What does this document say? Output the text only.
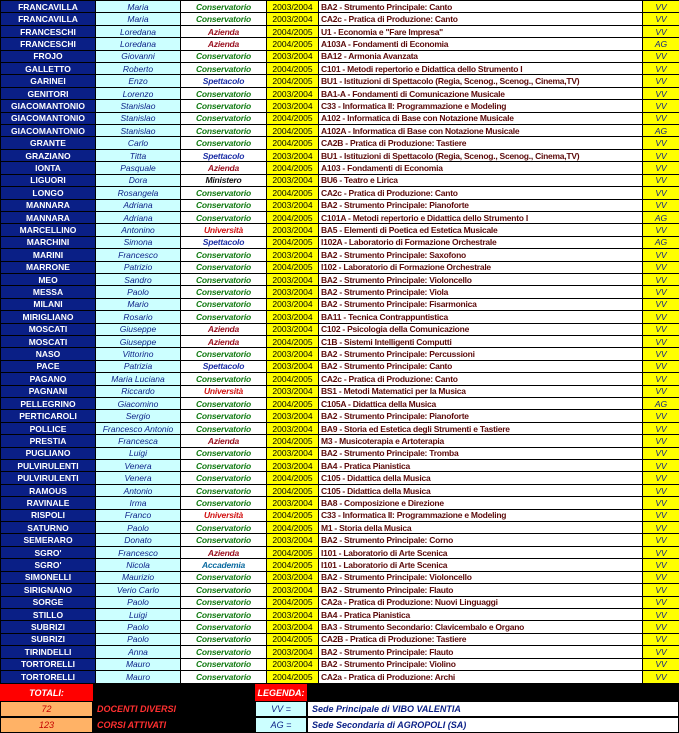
FRANCAVILLA	Maria	Conservatorio	2003/2004	BA2 - Strumento Principale: Canto	VV
FRANCAVILLA	Maria	Conservatorio	2003/2004	CA2c - Pratica di Produzione: Canto	VV
FRANCESCHI	Loredana	Azienda	2004/2005	U1 - Economia e "Fare Impresa"	VV
FRANCESCHI	Loredana	Azienda	2004/2005	A103A - Fondamenti di Economia	AG
FROJO	Giovanni	Conservatorio	2003/2004	BA12 - Armonia Avanzata	VV
GALLETTO	Roberto	Conservatorio	2004/2005	C101 - Metodi repertorio e Didattica dello Strumento I	VV
GARINEI	Enzo	Spettacolo	2004/2005	BU1 - Istituzioni di Spettacolo (Regia, Scenog., Scenog., Cinema,TV)	VV
GENITORI	Lorenzo	Conservatorio	2003/2004	BA1-A - Fondamenti di Comunicazione Musicale	VV
GIACOMANTONIO	Stanislao	Conservatorio	2003/2004	C33 - Informatica II: Programmazione e Modeling	VV
GIACOMANTONIO	Stanislao	Conservatorio	2004/2005	A102 - Informatica di Base con Notazione Musicale	VV
GIACOMANTONIO	Stanislao	Conservatorio	2004/2005	A102A - Informatica di Base con Notazione Musicale	AG
GRANTE	Carlo	Conservatorio	2004/2005	CA2B - Pratica di Produzione: Tastiere	VV
GRAZIANO	Titta	Spettacolo	2003/2004	BU1 - Istituzioni di Spettacolo (Regia, Scenog., Scenog., Cinema,TV)	VV
IONTA	Pasquale	Azienda	2004/2005	A103 - Fondamenti di Economia	VV
LIGUORI	Dora	Ministero	2003/2004	BU6 - Teatro e Lirica	VV
LONGO	Rosangela	Conservatorio	2004/2005	CA2c - Pratica di Produzione: Canto	VV
MANNARA	Adriana	Conservatorio	2003/2004	BA2 - Strumento Principale: Pianoforte	VV
MANNARA	Adriana	Conservatorio	2004/2005	C101A - Metodi repertorio e Didattica dello Strumento I	AG
MARCELLINO	Antonino	Università	2003/2004	BA5 - Elementi di Poetica ed Estetica Musicale	VV
MARCHINI	Simona	Spettacolo	2004/2005	I102A - Laboratorio di Formazione Orchestrale	AG
MARINI	Francesco	Conservatorio	2003/2004	BA2 - Strumento Principale: Saxofono	VV
MARRONE	Patrizio	Conservatorio	2004/2005	I102 - Laboratorio di Formazione Orchestrale	VV
MEO	Sandro	Conservatorio	2003/2004	BA2 - Strumento Principale: Violoncello	VV
MESSA	Paolo	Conservatorio	2003/2004	BA2 - Strumento Principale: Viola	VV
MILANI	Mario	Conservatorio	2003/2004	BA2 - Strumento Principale: Fisarmonica	VV
MIRIGLIANO	Rosario	Conservatorio	2003/2004	BA11 - Tecnica Contrappuntistica	VV
MOSCATI	Giuseppe	Azienda	2003/2004	C102 - Psicologia della Comunicazione	VV
MOSCATI	Giuseppe	Azienda	2004/2005	C1B - Sistemi Intelligenti Computti	VV
NASO	Vittorino	Conservatorio	2003/2004	BA2 - Strumento Principale: Percussioni	VV
PACE	Patrizia	Spettacolo	2003/2004	BA2 - Strumento Principale: Canto	VV
PAGANO	Maria Luciana	Conservatorio	2004/2005	CA2c - Pratica di Produzione: Canto	VV
PAGNANI	Riccardo	Università	2003/2004	BS1 - Metodi Matematici per la Musica	VV
PELLEGRINO	Giacomino	Conservatorio	2004/2005	C105A - Didattica della Musica	AG
PERTICAROLI	Sergio	Conservatorio	2003/2004	BA2 - Strumento Principale: Pianoforte	VV
POLLICE	Francesco Antonio	Conservatorio	2003/2004	BA9 - Storia ed Estetica degli Strumenti e Tastiere	VV
PRESTIA	Francesca	Azienda	2004/2005	M3 - Musicoterapia e Artoterapia	VV
PUGLIANO	Luigi	Conservatorio	2003/2004	BA2 - Strumento Principale: Tromba	VV
PULVIRULENTI	Venera	Conservatorio	2003/2004	BA4 - Pratica Pianistica	VV
PULVIRULENTI	Venera	Conservatorio	2004/2005	C105 - Didattica della Musica	VV
RAMOUS	Antonio	Conservatorio	2004/2005	C105 - Didattica della Musica	VV
RAVINALE	Irma	Conservatorio	2003/2004	BA8 - Composizione e Direzione	VV
RISPOLI	Franco	Università	2004/2005	C33 - Informatica II: Programmazione e Modeling	VV
SATURNO	Paolo	Conservatorio	2004/2005	M1 - Storia della Musica	VV
SEMERARO	Donato	Conservatorio	2003/2004	BA2 - Strumento Principale: Corno	VV
SGRO'	Francesco	Azienda	2004/2005	I101 - Laboratorio di Arte Scenica	VV
SGRO'	Nicola	Accademia	2004/2005	I101 - Laboratorio di Arte Scenica	VV
SIMONELLI	Maurizio	Conservatorio	2003/2004	BA2 - Strumento Principale: Violoncello	VV
SIRIGNANO	Verio Carlo	Conservatorio	2003/2004	BA2 - Strumento Principale: Flauto	VV
SORGE	Paolo	Conservatorio	2004/2005	CA2a - Pratica di Produzione: Nuovi Linguaggi	VV
STILLO	Luigi	Conservatorio	2003/2004	BA4 - Pratica Pianistica	VV
SUBRIZI	Paolo	Conservatorio	2003/2004	BA3 - Strumento Secondario: Clavicembalo e Organo	VV
SUBRIZI	Paolo	Conservatorio	2004/2005	CA2B - Pratica di Produzione: Tastiere	VV
TIRINDELLI	Anna	Conservatorio	2003/2004	BA2 - Strumento Principale: Flauto	VV
TORTORELLI	Mauro	Conservatorio	2003/2004	BA2 - Strumento Principale: Violino	VV
TORTORELLI	Mauro	Conservatorio	2004/2005	CA2a - Pratica di Produzione: Archi	VV
TOTALI:	LEGENDA:
72	DOCENTI DIVERSI	VV =	Sede Principale di VIBO VALENTIA
123	CORSI ATTIVATI	AG =	Sede Secondaria di AGROPOLI (SA)
